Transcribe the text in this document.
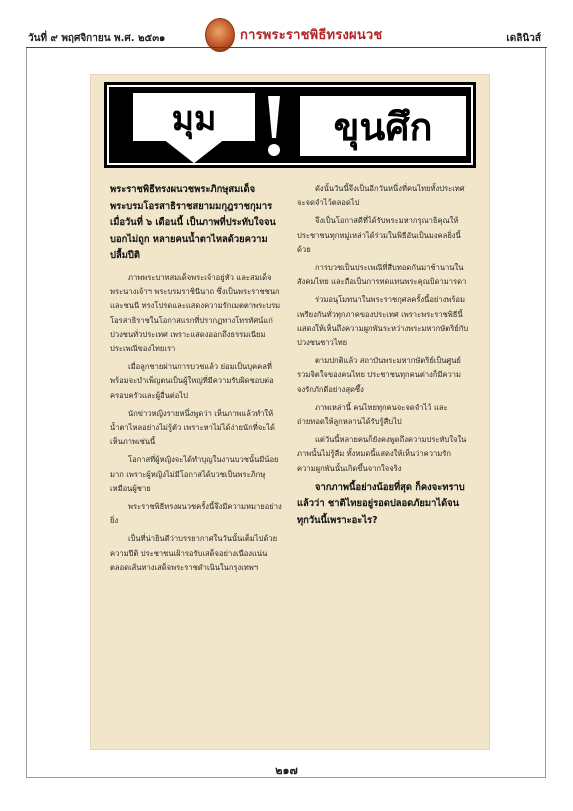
วันที่ ๙ พฤศจิกายน พ.ศ. ๒๕๓๑	การพระราชพิธีทรงผนวช	เดลินิวส์
มุม	ขุนศึก

พระราชพิธีทรงผนวชพระภิกษุสมเด็จพระบรมโอรสาธิราชสยามมกุฎราชกุมาร เมื่อวันที่ ๖ เดือนนี้ เป็นภาพที่ประทับใจจนบอกไม่ถูก หลายคนน้ำตาไหลด้วยความปลื้มปีติ

ภาพพระบาทสมเด็จพระเจ้าอยู่หัว และสมเด็จพระนางเจ้าฯ พระบรมราชินีนาถ ซึ่งเป็นพระราชชนกและชนนี ทรงโปรดและแสดงความรักเมตตาพระบรมโอรสาธิราชในโอกาสแรกที่ปรากฏทางโทรทัศน์แก่ปวงชนทั่วประเทศ เพราะแสดงออกถึงธรรมเนียมประเพณีของไทยเรา

เมื่อลูกชายผ่านการบวชแล้ว ย่อมเป็นบุคคลที่พร้อมจะบำเพ็ญตนเป็นผู้ใหญ่ที่มีความรับผิดชอบต่อครอบครัวและผู้อื่นต่อไป

นักข่าวหญิงรายหนึ่งพูดว่า เห็นภาพแล้วทำให้น้ำตาไหลอย่างไม่รู้ตัว เพราะหาไม่ได้ง่ายนักที่จะได้เห็นภาพเช่นนี้

โอกาสที่ผู้หญิงจะได้ทำบุญในงานบวชนั้นมีน้อยมาก เพราะผู้หญิงไม่มีโอกาสได้บวชเป็นพระภิกษุเหมือนผู้ชาย

พระราชพิธีทรงผนวชครั้งนี้จึงมีความหมายอย่างยิ่ง

เป็นที่น่ายินดีว่าบรรยากาศในวันนั้นเต็มไปด้วยความปีติ ประชาชนเฝ้ารอรับเสด็จอย่างเนืองแน่นตลอดเส้นทางเสด็จพระราชดำเนินในกรุงเทพฯ

ดังนั้นวันนี้จึงเป็นอีกวันหนึ่งที่คนไทยทั้งประเทศจะจดจำไว้ตลอดไป

จึงเป็นโอกาสดีที่ได้รับพระมหากรุณาธิคุณให้ประชาชนทุกหมู่เหล่าได้ร่วมในพิธีอันเป็นมงคลยิ่งนี้ด้วย

การบวชเป็นประเพณีที่สืบทอดกันมาช้านานในสังคมไทย และถือเป็นการทดแทนพระคุณบิดามารดา

ร่วมอนุโมทนาในพระราชกุศลครั้งนี้อย่างพร้อมเพรียงกันทั่วทุกภาคของประเทศ เพราะพระราชพิธีนี้แสดงให้เห็นถึงความผูกพันระหว่างพระมหากษัตริย์กับปวงชนชาวไทย

ตามปกติแล้ว สถาบันพระมหากษัตริย์เป็นศูนย์รวมจิตใจของคนไทย ประชาชนทุกคนต่างก็มีความจงรักภักดีอย่างสุดซึ้ง

ภาพเหล่านี้ คนไทยทุกคนจะจดจำไว้ และถ่ายทอดให้ลูกหลานได้รับรู้สืบไป

แต่วันนี้หลายคนก็ยังคงพูดถึงความประทับใจในภาพนั้นไม่รู้ลืม ทั้งหมดนี้แสดงให้เห็นว่าความรักความผูกพันนั้นเกิดขึ้นจากใจจริง

จากภาพนี้อย่างน้อยที่สุด ก็คงจะทราบแล้วว่า ชาติไทยอยู่รอดปลอดภัยมาได้จนทุกวันนี้เพราะอะไร?

๒๑๗
